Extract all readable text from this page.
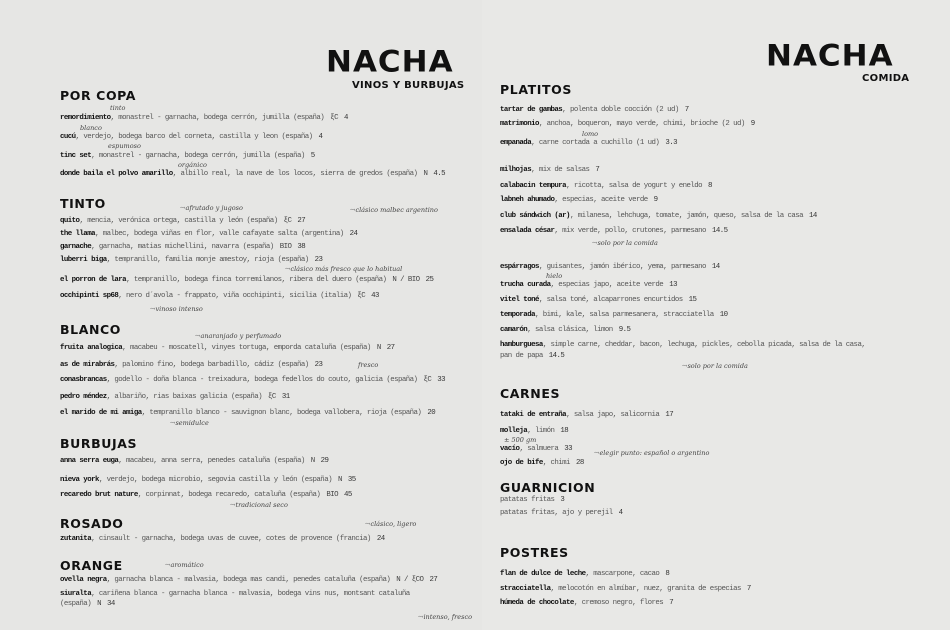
NACHA
VINOS Y BURBUJAS
POR COPA
remordimiento, monastrel - garnacha, bodega cerrón, jumilla (españa) ξC 4
cucú, verdejo, bodega barco del corneta, castilla y leon (españa) 4
tinc set, monastrel - garnacha, bodega cerrón, jumilla (españa) 5
donde baila el polvo amarillo, albillo real, la nave de los locos, sierra de gredos (españa) N 4.5
TINTO
quito, mencia, verónica ortega, castilla y león (españa) ξC 27
the llama, malbec, bodega viñas en flor, valle cafayate salta (argentina) 24
garnache, garnacha, matias michellini, navarra (españa) BIO 38
luberri biga, tempranillo, familia monje amestoy, rioja (españa) 23
el porron de lara, tempranillo, bodega finca torremilanos, ribera del duero (españa) N / BIO 25
occhipinti sp68, nero d´avola - frappato, viña occhipinti, sicilia (italia) ξC 43
BLANCO
fruita analogica, macabeu - moscatell, vinyes tortuga, emporda cataluña (españa) N 27
as de mirabrás, palomino fino, bodega barbadillo, cádiz (españa) 23
conasbrancas, godello - doña blanca - treixadura, bodega fedellos do couto, galicia (españa) ξC 33
pedro méndez, albariño, rias baixas galicia (españa) ξC 31
el marido de mi amiga, tempranillo blanco - sauvignon blanc, bodega vallobera, rioja (españa) 20
BURBUJAS
anna serra euga, macabeu, anna serra, penedes cataluña (españa) N 29
nieva york, verdejo, bodega microbio, segovia castilla y león (españa) N 35
recaredo brut nature, corpinnat, bodega recaredo, cataluña (españa) BIO 45
ROSADO
zutanita, cinsault - garnacha, bodega uvas de cuvee, cotes de provence (francia) 24
ORANGE
ovella negra, garnacha blanca - malvasia, bodega mas candi, penedes cataluña (españa) N / ξCO 27
siuralta, cariñena blanca - garnacha blanca - malvasia, bodega vins nus, montsant cataluña
(españa) N 34
tinto
blanco
espumoso
orgánico
⤳ afrutado y jugoso	⤳ clásico malbec argentino
⤳ clásico más fresco que lo habitual
⤳ vinoso intenso
⤳ anaranjado y perfumado
fresco
⤳ semidulce
⤳ tradicional seco
⤳ clásico, ligero
⤳ aromático
⤳ intenso, fresco
NACHA
COMIDA
PLATITOS
tartar de gambas, polenta doble cocción (2 ud) 7
matrimonio, anchoa, boqueron, mayo verde, chimi, brioche (2 ud) 9
empanada, carne cortada a cuchillo (1 ud) 3.3
milhojas, mix de salsas 7
calabacin tempura, ricotta, salsa de yogurt y eneldo 8
labneh ahumado, especias, aceite verde 9
club sándwich (ar), milanesa, lehchuga, tomate, jamón, queso, salsa de la casa 14
ensalada césar, mix verde, pollo, crutones, parmesano 14.5
espárragos, guisantes, jamón ibérico, yema, parmesano 14
trucha curada, especias japo, aceite verde 13
vitel toné, salsa toné, alcaparrones encurtidos 15
temporada, bimi, kale, salsa parmesanera, stracciatella 10
camarón, salsa clásica, limon 9.5
hamburguesa, simple carne, cheddar, bacon, lechuga, pickles, cebolla picada, salsa de la casa,
pan de papa 14.5
CARNES
tataki de entraña, salsa japo, salicornia 17
molleja, limón 18
vacío, salmuera 33
ojo de bife, chimi 28
GUARNICION
patatas fritas 3
patatas fritas, ajo y perejil 4
POSTRES
flan de dulce de leche, mascarpone, cacao 8
stracciatella, melocotón en almíbar, nuez, granita de especias 7
húmeda de chocolate, cremoso negro, flores 7
lomo
⤳ solo por la comida
hielo
⤳ solo por la comida
± 500 gm
⤳ elegir punto: español o argentino
